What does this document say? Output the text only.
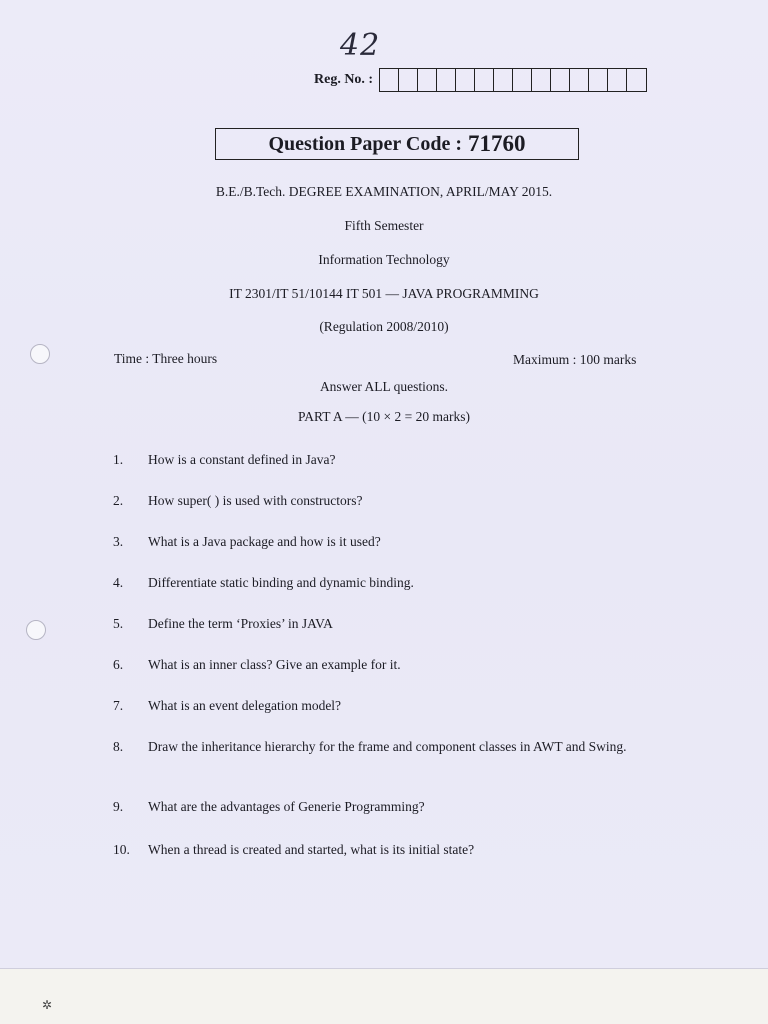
42
Reg. No. :
Question Paper Code : 71760
B.E./B.Tech. DEGREE EXAMINATION, APRIL/MAY 2015.
Fifth Semester
Information Technology
IT 2301/IT 51/10144 IT 501 — JAVA PROGRAMMING
(Regulation 2008/2010)
Time : Three hours	Maximum : 100 marks
Answer ALL questions.
PART A — (10 × 2 = 20 marks)
1.	How is a constant defined in Java?
2.	How super( ) is used with constructors?
3.	What is a Java package and how is it used?
4.	Differentiate static binding and dynamic binding.
5.	Define the term ‘Proxies’ in JAVA
6.	What is an inner class? Give an example for it.
7.	What is an event delegation model?
8.	Draw the inheritance hierarchy for the frame and component classes in AWT and Swing.
9.	What are the advantages of Generie Programming?
10.	When a thread is created and started, what is its initial state?
✲
